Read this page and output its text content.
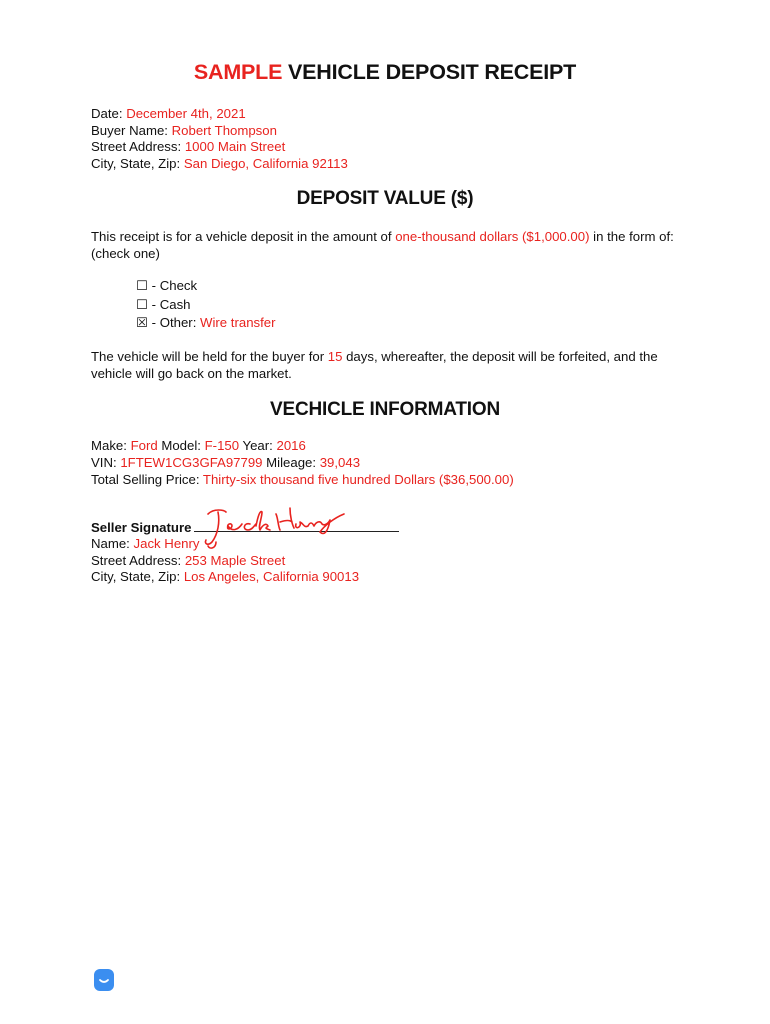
SAMPLE VEHICLE DEPOSIT RECEIPT
Date: December 4th, 2021
Buyer Name: Robert Thompson
Street Address: 1000 Main Street
City, State, Zip: San Diego, California 92113
DEPOSIT VALUE ($)
This receipt is for a vehicle deposit in the amount of one-thousand dollars ($1,000.00) in the form of: (check one)
☐ - Check
☐ - Cash
☒ - Other: Wire transfer
The vehicle will be held for the buyer for 15 days, whereafter, the deposit will be forfeited, and the vehicle will go back on the market.
VECHICLE INFORMATION
Make: Ford Model: F-150 Year: 2016
VIN: 1FTEW1CG3GFA97799 Mileage: 39,043
Total Selling Price: Thirty-six thousand five hundred Dollars ($36,500.00)
Seller Signature
Name: Jack Henry
Street Address: 253 Maple Street
City, State, Zip: Los Angeles, California 90013
